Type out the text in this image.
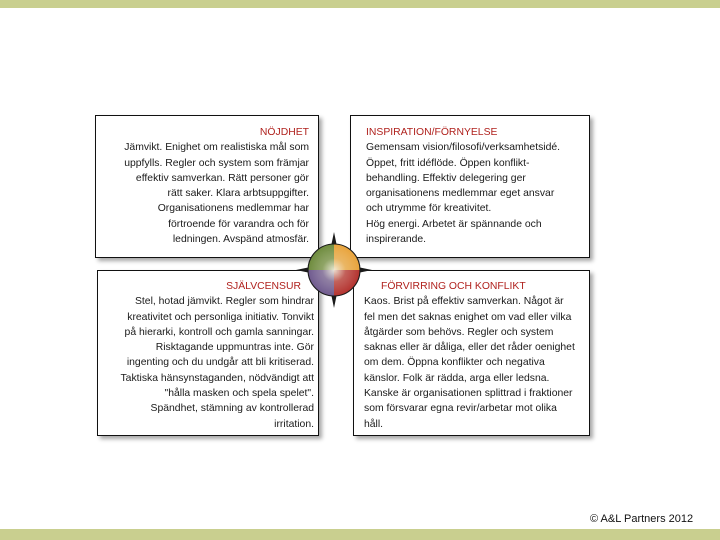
NÖJDHET
Jämvikt. Enighet om realistiska mål som
uppfylls. Regler och system som främjar
effektiv samverkan. Rätt personer gör
rätt saker. Klara arbtsuppgifter.
Organisationens medlemmar har
förtroende för varandra och för
ledningen. Avspänd atmosfär.
INSPIRATION/FÖRNYELSE
Gemensam vision/filosofi/verksamhetsidé.
Öppet, fritt idéflöde. Öppen konflikt-
behandling. Effektiv delegering ger
organisationens medlemmar eget ansvar
och utrymme för kreativitet.
Hög energi. Arbetet är spännande och
inspirerande.
SJÄLVCENSUR
Stel, hotad jämvikt. Regler som hindrar
kreativitet och personliga initiativ. Tonvikt
på hierarki, kontroll och gamla sanningar.
Risktagande uppmuntras inte. Gör
ingenting och du undgår att bli kritiserad.
Taktiska hänsynstaganden, nödvändigt att
"hålla masken och spela spelet".
Spändhet, stämning av kontrollerad
irritation.
FÖRVIRRING OCH KONFLIKT
Kaos. Brist på effektiv samverkan. Något är
fel men det saknas enighet om vad eller vilka
åtgärder som behövs. Regler och system
saknas eller är dåliga, eller det råder oenighet
om dem. Öppna konflikter och negativa
känslor. Folk är rädda, arga eller ledsna.
Kanske är organisationen splittrad i fraktioner
som försvarar egna revir/arbetar mot olika
håll.
© A&L Partners 2012
